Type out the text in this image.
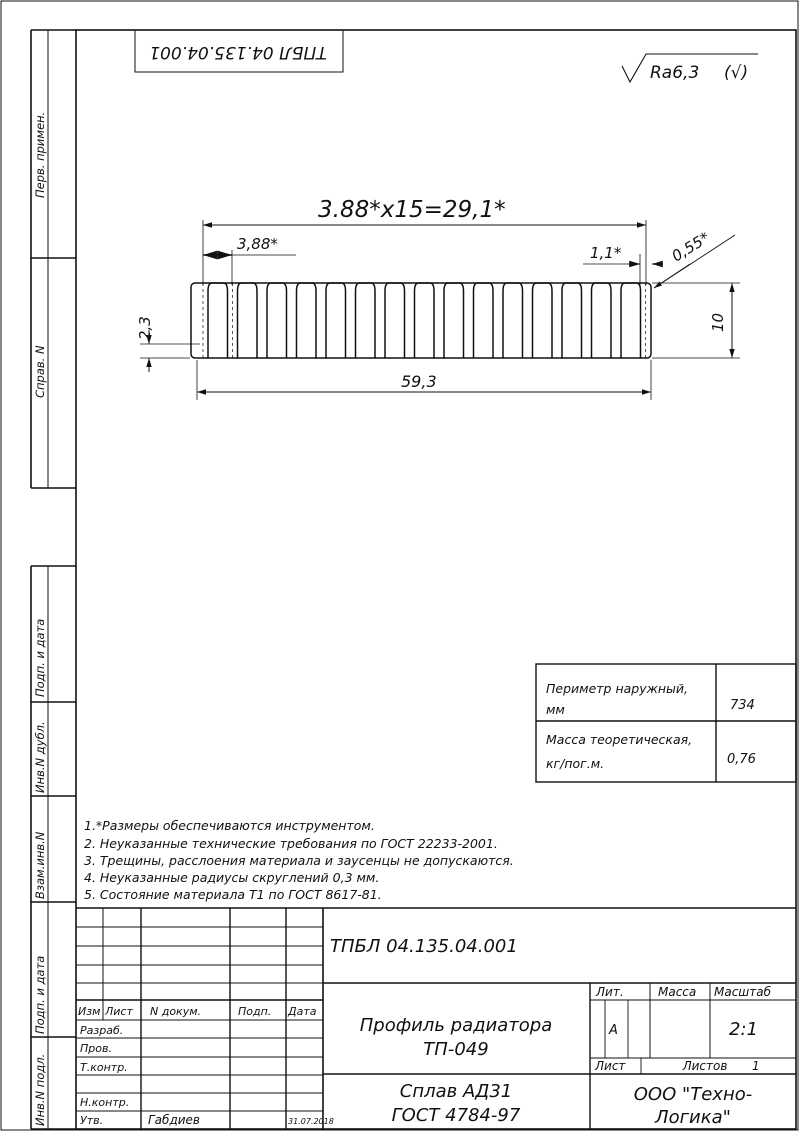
Перв. примен.
Справ. N
Подп. и дата
Инв.N дубл.
Взам.инв.N
Подп. и дата
Инв.N подл.
ТПБЛ 04.135.04.001
Ra6,3 (√)
3.88*x15=29,1*
3,88*	1,1*	0,55*
2,3	10
59,3
Периметр наружный,
мм	734
Масса теоретическая,
кг/пог.м.	0,76
1.*Размеры обеспечиваются инструментом.
2. Неуказанные технические требования по ГОСТ 22233-2001.
3. Трещины, расслоения материала и заусенцы не допускаются.
4. Неуказанные радиусы скруглений 0,3 мм.
5. Состояние материала Т1 по ГОСТ 8617-81.
ТПБЛ 04.135.04.001
Профиль радиатора
ТП-049
Сплав АД31
ГОСТ 4784-97
ООО "Техно-
Логика"
Лит.	Масса Масштаб
А	2:1
Лист	Листов 1
Изм Лист N докум.	Подп. Дата
Разраб.
Пров.
Т.контр.
Н.контр.
Утв.	Габдиев	31.07.2018
